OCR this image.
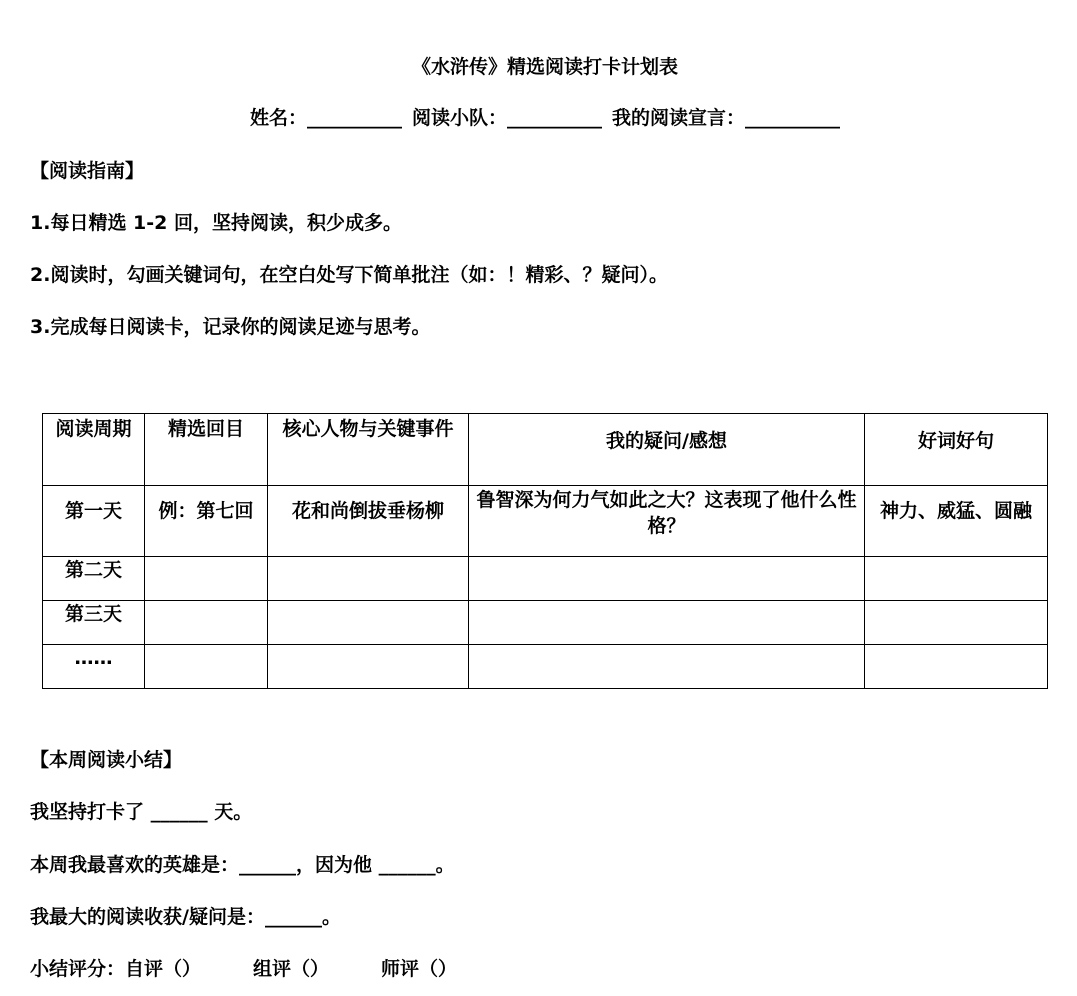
《水浒传》精选阅读打卡计划表
姓名：__________ 阅读小队：__________ 我的阅读宣言：__________
【阅读指南】
1.每日精选 1-2 回，坚持阅读，积少成多。
2.阅读时，勾画关键词句，在空白处写下简单批注（如：！精彩、？疑问）。
3.完成每日阅读卡，记录你的阅读足迹与思考。
阅读周期	精选回目	核心人物与关键事件	我的疑问/感想	好词好句
第一天	例：第七回	花和尚倒拔垂杨柳	鲁智深为何力气如此之大？这表现了他什么性格？	神力、威猛、圆融
第二天				
第三天				
……				
【本周阅读小结】
我坚持打卡了 ______ 天。
本周我最喜欢的英雄是：______，因为他 ______。
我最大的阅读收获/疑问是：______。
小结评分：自评（）	组评（）	师评（）
